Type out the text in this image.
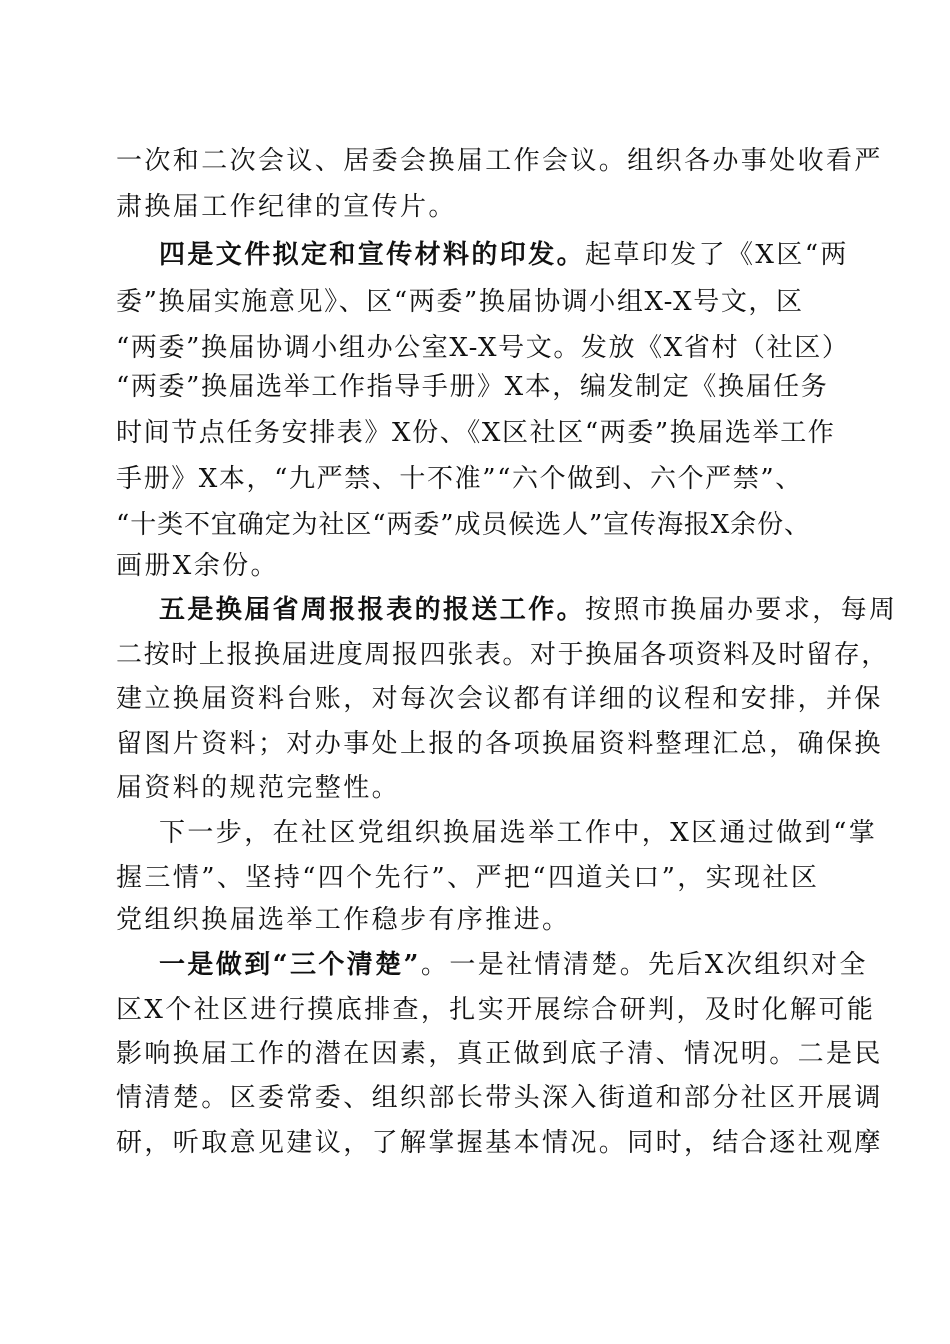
一次和二次会议、居委会换届工作会议。组织各办事处收看严

肃换届工作纪律的宣传片。

四是文件拟定和宣传材料的印发。起草印发了《X区“两

委”换届实施意见》、区“两委”换届协调小组X-X号文，区

“两委”换届协调小组办公室X-X号文。发放《X省村（社区）

“两委”换届选举工作指导手册》X本，编发制定《换届任务

时间节点任务安排表》X份、《X区社区“两委”换届选举工作

手册》X本，“九严禁、十不准”“六个做到、六个严禁”、

“十类不宜确定为社区“两委”成员候选人”宣传海报X余份、

画册X余份。

五是换届省周报报表的报送工作。按照市换届办要求，每周

二按时上报换届进度周报四张表。对于换届各项资料及时留存，

建立换届资料台账，对每次会议都有详细的议程和安排，并保

留图片资料；对办事处上报的各项换届资料整理汇总，确保换

届资料的规范完整性。

下一步，在社区党组织换届选举工作中，X区通过做到“掌

握三情”、坚持“四个先行”、严把“四道关口”，实现社区

党组织换届选举工作稳步有序推进。

一是做到“三个清楚”。一是社情清楚。先后X次组织对全

区X个社区进行摸底排查，扎实开展综合研判，及时化解可能

影响换届工作的潜在因素，真正做到底子清、情况明。二是民

情清楚。区委常委、组织部长带头深入街道和部分社区开展调

研，听取意见建议，了解掌握基本情况。同时，结合逐社观摩
